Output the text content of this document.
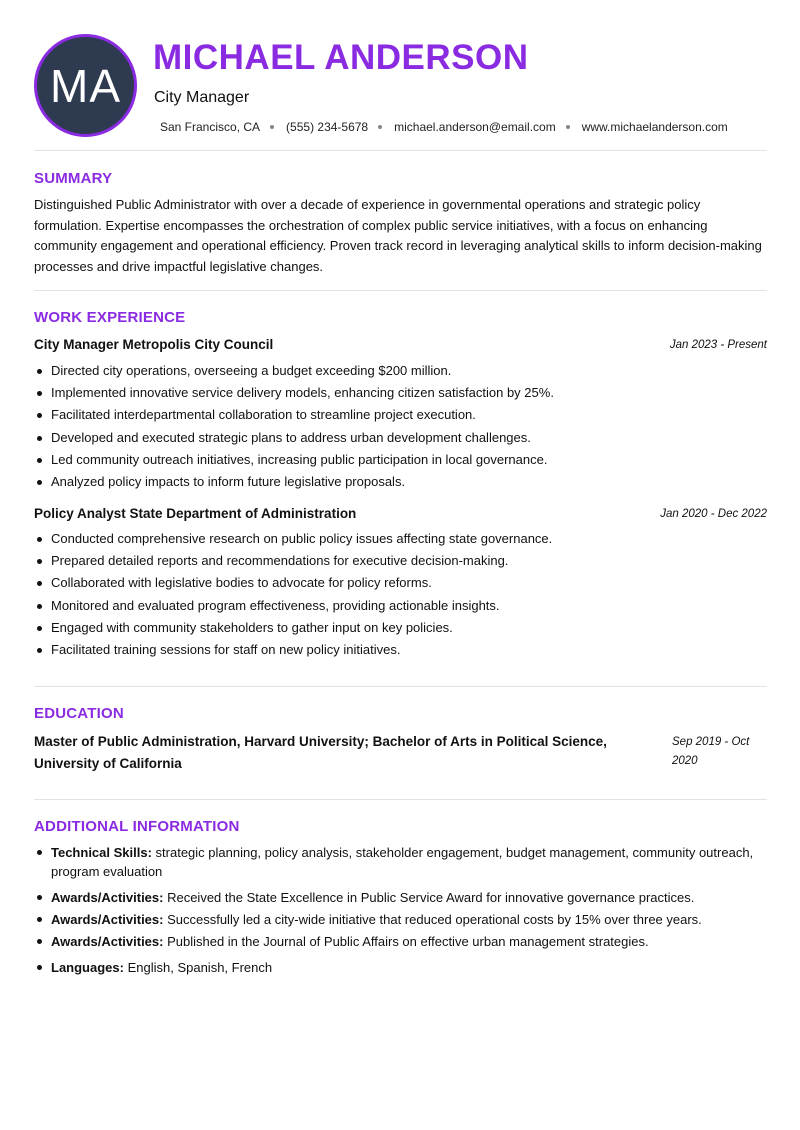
MA
MICHAEL ANDERSON
City Manager
San Francisco, CA (555) 234-5678 michael.anderson@email.com www.michaelanderson.com
SUMMARY
Distinguished Public Administrator with over a decade of experience in governmental operations and strategic policy formulation. Expertise encompasses the orchestration of complex public service initiatives, with a focus on enhancing community engagement and operational efficiency. Proven track record in leveraging analytical skills to inform decision-making processes and drive impactful legislative changes.
WORK EXPERIENCE
City Manager Metropolis City Council	Jan 2023 - Present
Directed city operations, overseeing a budget exceeding $200 million.
Implemented innovative service delivery models, enhancing citizen satisfaction by 25%.
Facilitated interdepartmental collaboration to streamline project execution.
Developed and executed strategic plans to address urban development challenges.
Led community outreach initiatives, increasing public participation in local governance.
Analyzed policy impacts to inform future legislative proposals.
Policy Analyst State Department of Administration	Jan 2020 - Dec 2022
Conducted comprehensive research on public policy issues affecting state governance.
Prepared detailed reports and recommendations for executive decision-making.
Collaborated with legislative bodies to advocate for policy reforms.
Monitored and evaluated program effectiveness, providing actionable insights.
Engaged with community stakeholders to gather input on key policies.
Facilitated training sessions for staff on new policy initiatives.
EDUCATION
Master of Public Administration, Harvard University; Bachelor of Arts in Political Science, University of California
Sep 2019 - Oct 2020
ADDITIONAL INFORMATION
Technical Skills: strategic planning, policy analysis, stakeholder engagement, budget management, community outreach, program evaluation
Awards/Activities: Received the State Excellence in Public Service Award for innovative governance practices.
Awards/Activities: Successfully led a city-wide initiative that reduced operational costs by 15% over three years.
Awards/Activities: Published in the Journal of Public Affairs on effective urban management strategies.
Languages: English, Spanish, French
